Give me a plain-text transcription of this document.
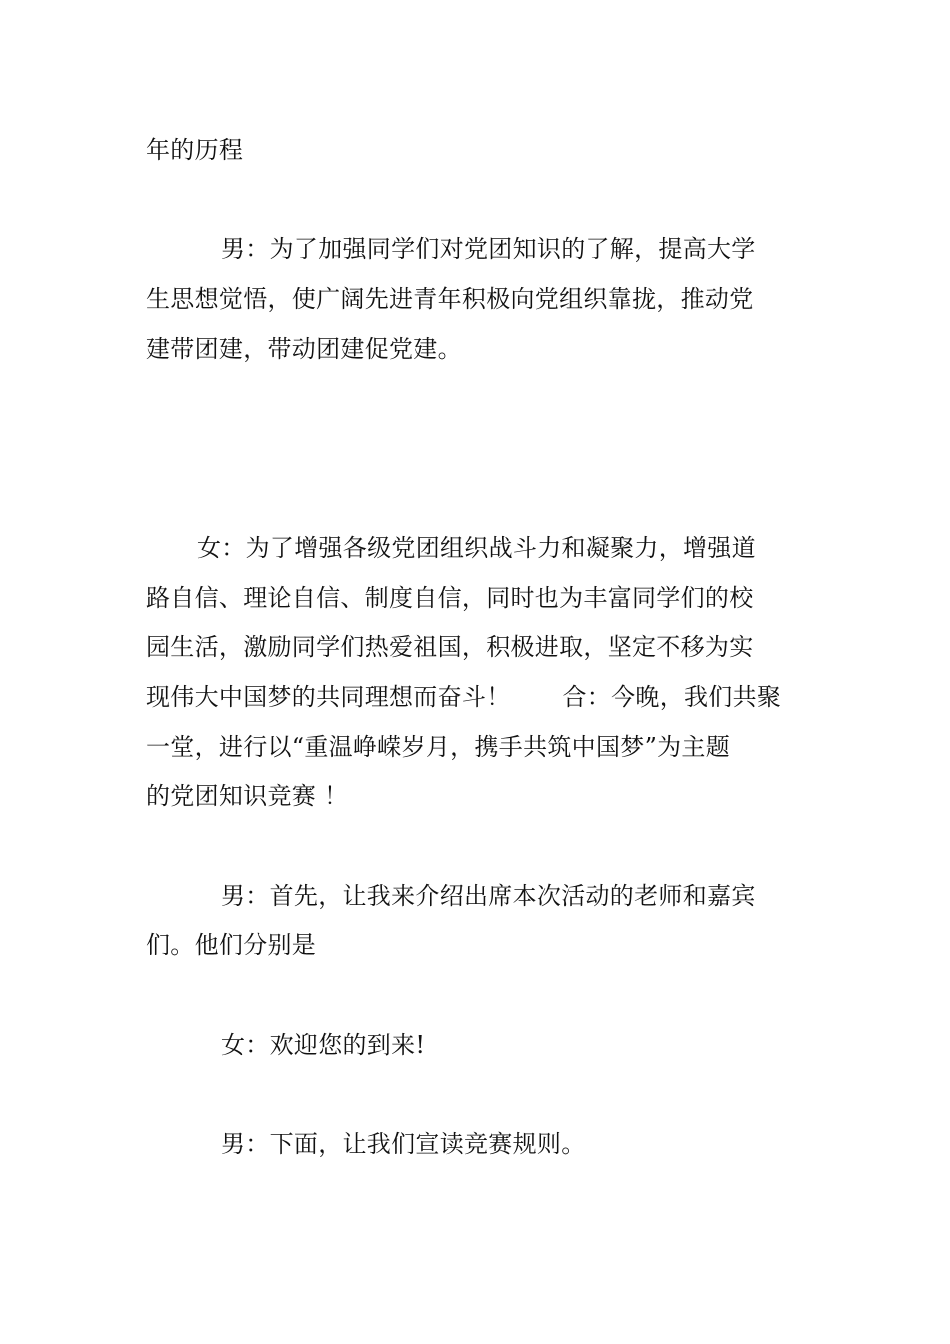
年的历程
男：为了加强同学们对党团知识的了解，提高大学
生思想觉悟，使广阔先进青年积极向党组织靠拢，推动党
建带团建，带动团建促党建。
女：为了增强各级党团组织战斗力和凝聚力，增强道
路自信、理论自信、制度自信，同时也为丰富同学们的校
园生活，激励同学们热爱祖国，积极进取，坚定不移为实
现伟大中国梦的共同理想而奋斗！ 合：今晚，我们共聚
一堂，进行以“重温峥嵘岁月，携手共筑中国梦”为主题
的党团知识竞赛 ！
男：首先，让我来介绍出席本次活动的老师和嘉宾
们。他们分别是
女：欢迎您的到来!
男：下面，让我们宣读竞赛规则。
